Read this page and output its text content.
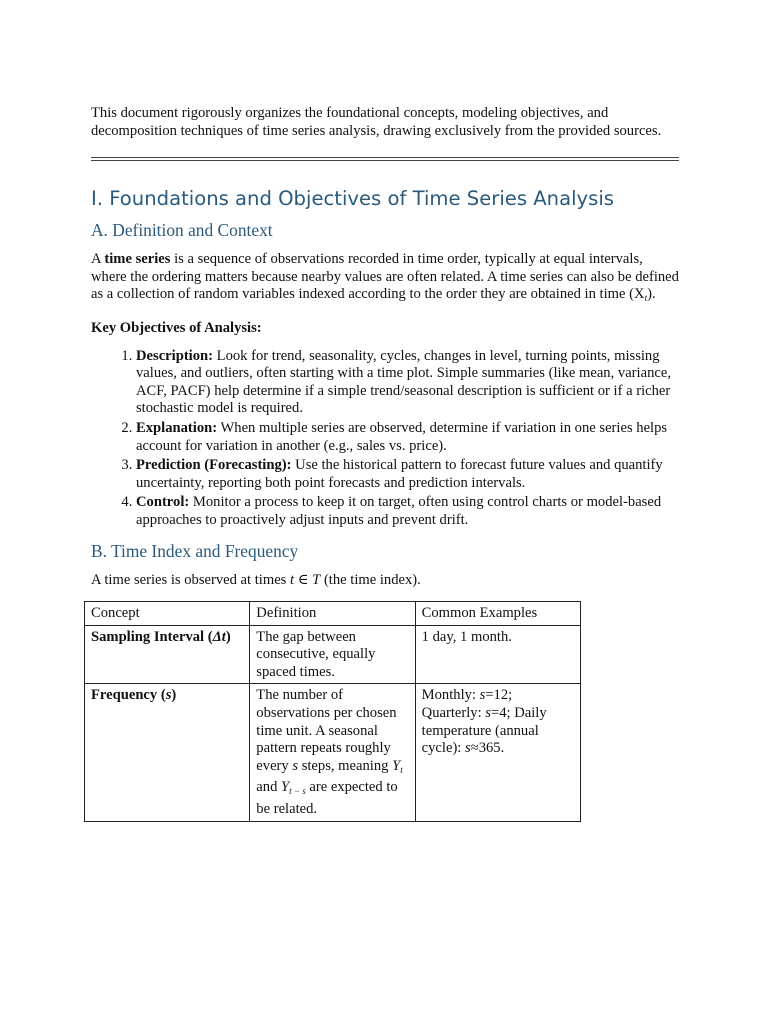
This document rigorously organizes the foundational concepts, modeling objectives, and decomposition techniques of time series analysis, drawing exclusively from the provided sources.

I. Foundations and Objectives of Time Series Analysis
A. Definition and Context

A time series is a sequence of observations recorded in time order, typically at equal intervals, where the ordering matters because nearby values are often related. A time series can also be defined as a collection of random variables indexed according to the order they are obtained in time $(X_t)$.

Key Objectives of Analysis:

1. Description: Look for trend, seasonality, cycles, changes in level, turning points, missing values, and outliers, often starting with a time plot. Simple summaries (like mean, variance, ACF, PACF) help determine if a simple trend/seasonal description is sufficient or if a richer stochastic model is required.
2. Explanation: When multiple series are observed, determine if variation in one series helps account for variation in another (e.g., sales vs. price).
3. Prediction (Forecasting): Use the historical pattern to forecast future values and quantify uncertainty, reporting both point forecasts and prediction intervals.
4. Control: Monitor a process to keep it on target, often using control charts or model-based approaches to proactively adjust inputs and prevent drift.
B. Time Index and Frequency

A time series is observed at times t ∈ T (the time index).

Concept	Definition	Common Examples
Sampling Interval (Δt)	The gap between consecutive, equally spaced times.	1 day, 1 month.
Frequency (s)	The number of observations per chosen time unit. A seasonal pattern repeats roughly every s steps, meaning $Y_t$ and $Y_{t - s}$ are expected to be related.	Monthly: s=12; Quarterly: s=4; Daily temperature (annual cycle): s≈365.
